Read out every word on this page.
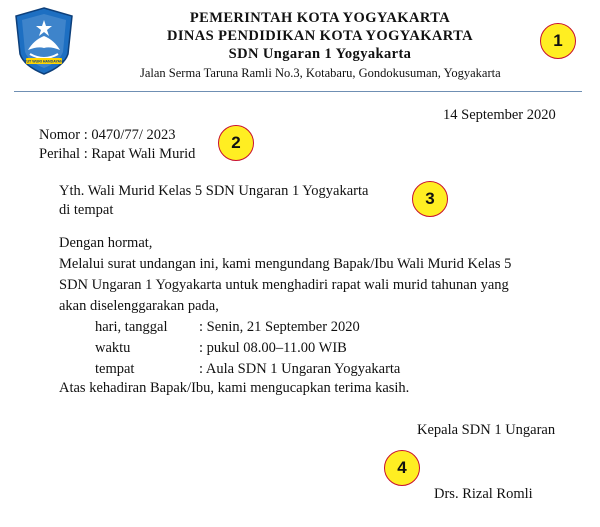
TUT WURI HANDAYANI
PEMERINTAH KOTA YOGYAKARTA
DINAS PENDIDIKAN KOTA YOGYAKARTA
SDN Ungaran 1 Yogyakarta
Jalan Serma Taruna Ramli No.3, Kotabaru, Gondokusuman, Yogyakarta
14 September 2020
Nomor : 0470/77/ 2023
Perihal : Rapat Wali Murid
Yth. Wali Murid Kelas 5 SDN Ungaran 1 Yogyakarta
di tempat
Dengan hormat,
Melalui surat undangan ini, kami mengundang Bapak/Ibu Wali Murid Kelas 5
SDN Ungaran 1 Yogyakarta untuk menghadiri rapat wali murid tahunan yang
akan diselenggarakan pada,
hari, tanggal : Senin, 21 September 2020
waktu	: pukul 08.00–11.00 WIB
tempat	: Aula SDN 1 Ungaran Yogyakarta
Atas kehadiran Bapak/Ibu, kami mengucapkan terima kasih.
Kepala SDN 1 Ungaran
Drs. Rizal Romli
1
2
3
4
